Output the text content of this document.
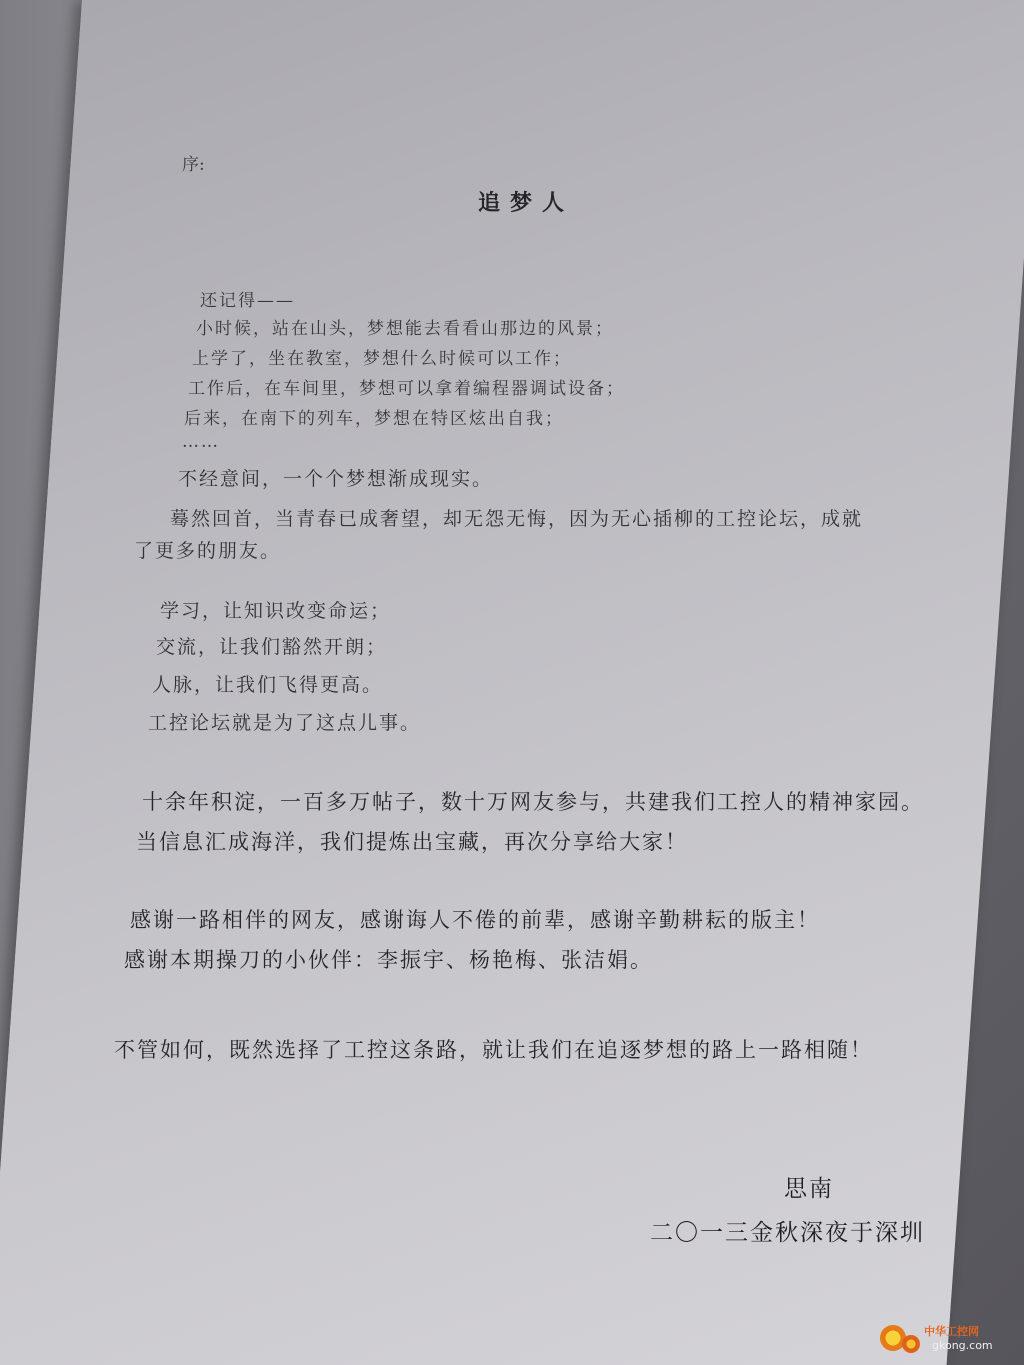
序:
追梦人
还记得——
小时候，站在山头，梦想能去看看山那边的风景；
上学了，坐在教室，梦想什么时候可以工作；
工作后，在车间里，梦想可以拿着编程器调试设备；
后来，在南下的列车，梦想在特区炫出自我；
……
不经意间，一个个梦想渐成现实。
蓦然回首，当青春已成奢望，却无怨无悔，因为无心插柳的工控论坛，成就
了更多的朋友。
学习，让知识改变命运；
交流，让我们豁然开朗；
人脉，让我们飞得更高。
工控论坛就是为了这点儿事。
十余年积淀，一百多万帖子，数十万网友参与，共建我们工控人的精神家园。
当信息汇成海洋，我们提炼出宝藏，再次分享给大家！
感谢一路相伴的网友，感谢诲人不倦的前辈，感谢辛勤耕耘的版主！
感谢本期操刀的小伙伴：李振宇、杨艳梅、张洁娟。
不管如何，既然选择了工控这条路，就让我们在追逐梦想的路上一路相随！
思南
二〇一三金秋深夜于深圳
中华工控网
gkong.com
